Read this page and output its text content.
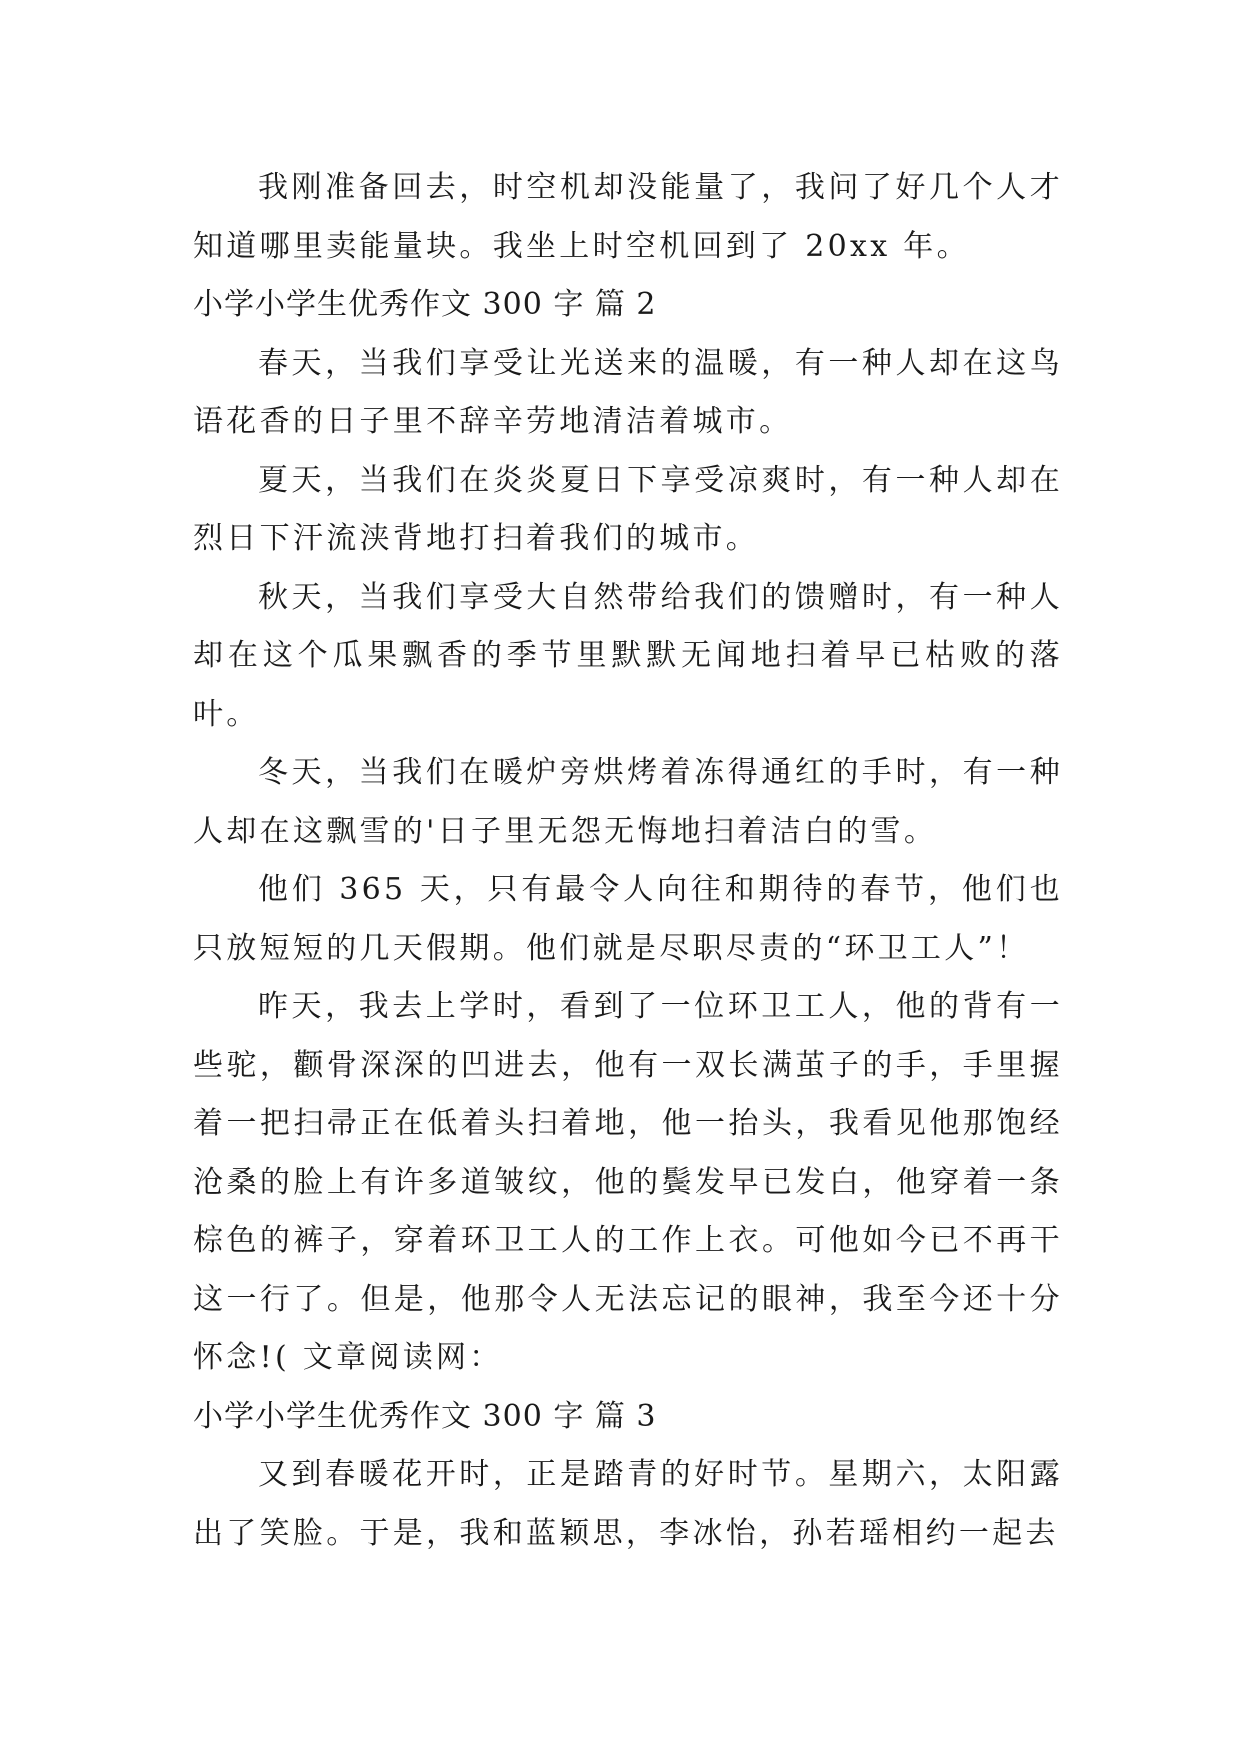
我刚准备回去，时空机却没能量了，我问了好几个人才知道哪里卖能量块。我坐上时空机回到了 20xx 年。

小学小学生优秀作文 300 字 篇 2

春天，当我们享受让光送来的温暖，有一种人却在这鸟语花香的日子里不辞辛劳地清洁着城市。

夏天，当我们在炎炎夏日下享受凉爽时，有一种人却在烈日下汗流浃背地打扫着我们的城市。

秋天，当我们享受大自然带给我们的馈赠时，有一种人却在这个瓜果飘香的季节里默默无闻地扫着早已枯败的落叶。

冬天，当我们在暖炉旁烘烤着冻得通红的手时，有一种人却在这飘雪的'日子里无怨无悔地扫着洁白的雪。

他们 365 天，只有最令人向往和期待的春节，他们也只放短短的几天假期。他们就是尽职尽责的“环卫工人”！

昨天，我去上学时，看到了一位环卫工人，他的背有一些驼，颧骨深深的凹进去，他有一双长满茧子的手，手里握着一把扫帚正在低着头扫着地，他一抬头，我看见他那饱经沧桑的脸上有许多道皱纹，他的鬓发早已发白，他穿着一条棕色的裤子，穿着环卫工人的工作上衣。可他如今已不再干这一行了。但是，他那令人无法忘记的眼神，我至今还十分怀念!( 文章阅读网：

小学小学生优秀作文 300 字 篇 3

又到春暖花开时，正是踏青的好时节。星期六，太阳露出了笑脸。于是，我和蓝颖思，李冰怡，孙若瑶相约一起去
